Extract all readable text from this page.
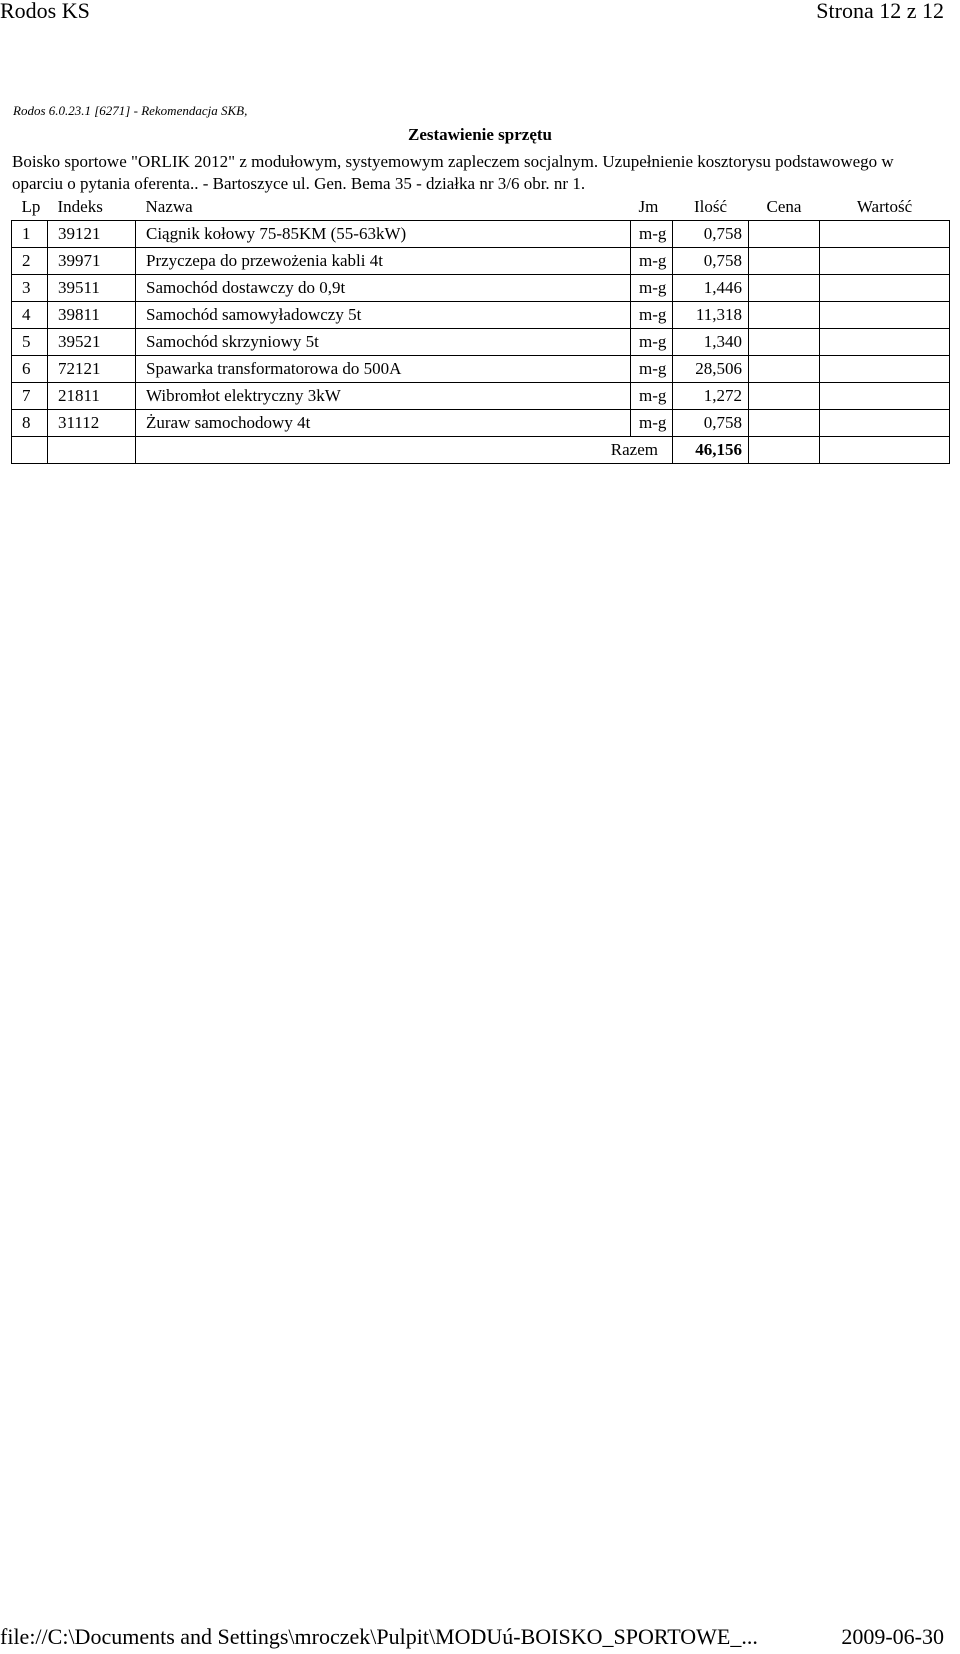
Rodos KS	Strona 12 z 12
Rodos 6.0.23.1 [6271] - Rekomendacja SKB,
Zestawienie sprzętu
Boisko sportowe "ORLIK 2012" z modułowym, systyemowym zapleczem socjalnym. Uzupełnienie kosztorysu podstawowego w oparciu o pytania oferenta.. - Bartoszyce ul. Gen. Bema 35 - działka nr 3/6 obr. nr 1.
Lp	Indeks	Nazwa	Jm	Ilość	Cena	Wartość
1	39121	Ciągnik kołowy 75-85KM (55-63kW)	m-g	0,758		
2	39971	Przyczepa do przewożenia kabli 4t	m-g	0,758		
3	39511	Samochód dostawczy do 0,9t	m-g	1,446		
4	39811	Samochód samowyładowczy 5t	m-g	11,318		
5	39521	Samochód skrzyniowy 5t	m-g	1,340		
6	72121	Spawarka transformatorowa do 500A	m-g	28,506		
7	21811	Wibromłot elektryczny 3kW	m-g	1,272		
8	31112	Żuraw samochodowy 4t	m-g	0,758		
		Razem		46,156		
file://C:\Documents and Settings\mroczek\Pulpit\MODUú-BOISKO_SPORTOWE_...	2009-06-30
